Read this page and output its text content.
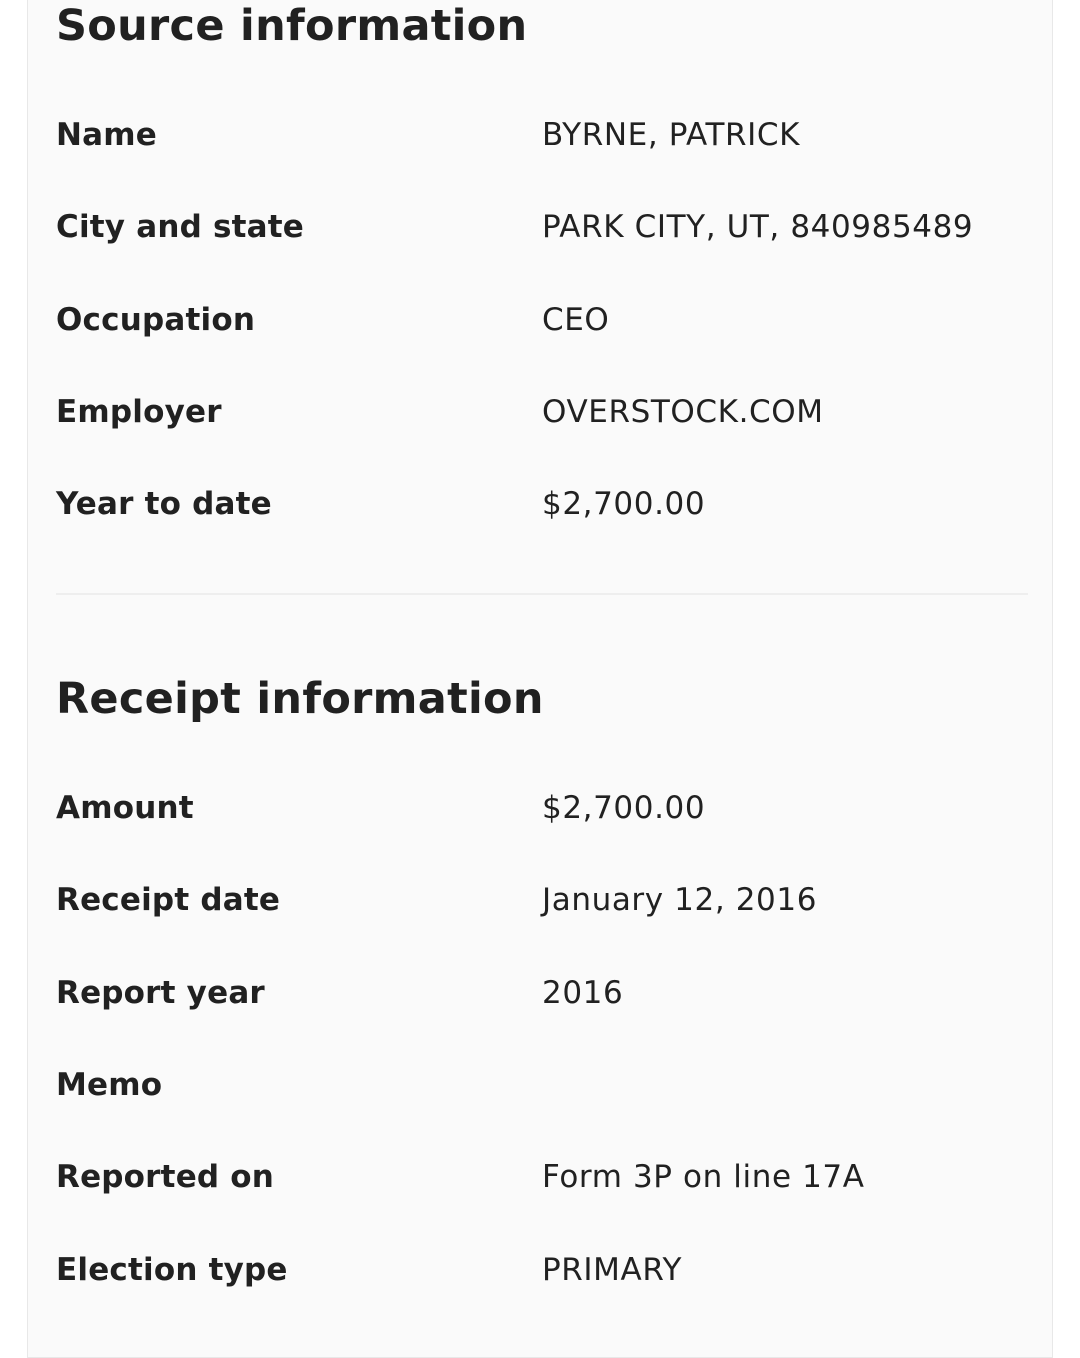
Source information
Name	BYRNE, PATRICK
City and state	PARK CITY, UT, 840985489
Occupation	CEO
Employer	OVERSTOCK.COM
Year to date	$2,700.00
Receipt information
Amount	$2,700.00
Receipt date	January 12, 2016
Report year	2016
Memo
Reported on	Form 3P on line 17A
Election type	PRIMARY
